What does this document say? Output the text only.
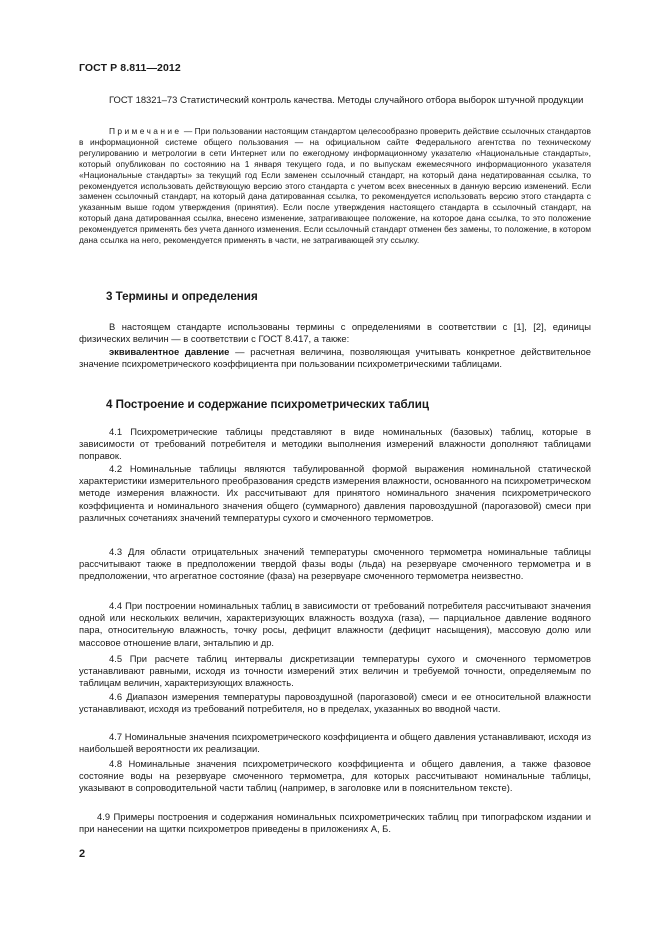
ГОСТ Р 8.811—2012
ГОСТ 18321–73 Статистический контроль качества. Методы случайного отбора выборок штучной продукции
Примечание — При пользовании настоящим стандартом целесообразно проверить действие ссылочных стандартов в информационной системе общего пользования — на официальном сайте Федерального агентства по техническому регулированию и метрологии в сети Интернет или по ежегодному информационному указателю «Национальные стандарты», который опубликован по состоянию на 1 января текущего года, и по выпускам ежемесячного информационного указателя «Национальные стандарты» за текущий год Если заменен ссылочный стандарт, на который дана недатированная ссылка, то рекомендуется использовать действующую версию этого стандарта с учетом всех внесенных в данную версию изменений. Если заменен ссылочный стандарт, на который дана датированная ссылка, то рекомендуется использовать версию этого стандарта с указанным выше годом утверждения (принятия). Если после утверждения настоящего стандарта в ссылочный стандарт, на который дана датированная ссылка, внесено изменение, затрагивающее положение, на которое дана ссылка, то это положение рекомендуется применять без учета данного изменения. Если ссылочный стандарт отменен без замены, то положение, в котором дана ссылка на него, рекомендуется применять в части, не затрагивающей эту ссылку.
3 Термины и определения
В настоящем стандарте использованы термины с определениями в соответствии с [1], [2], единицы физических величин — в соответствии с ГОСТ 8.417, а также:
эквивалентное давление — расчетная величина, позволяющая учитывать конкретное действительное значение психрометрического коэффициента при пользовании психрометрическими таблицами.
4 Построение и содержание психрометрических таблиц
4.1 Психрометрические таблицы представляют в виде номинальных (базовых) таблиц, которые в зависимости от требований потребителя и методики выполнения измерений влажности дополняют таблицами поправок.
4.2 Номинальные таблицы являются табулированной формой выражения номинальной статической характеристики измерительного преобразования средств измерения влажности, основанного на психрометрическом методе измерения влажности. Их рассчитывают для принятого номинального значения психрометрического коэффициента и номинального значения общего (суммарного) давления паровоздушной (парогазовой) смеси при различных сочетаниях значений температуры сухого и смоченного термометров.
4.3 Для области отрицательных значений температуры смоченного термометра номинальные таблицы рассчитывают также в предположении твердой фазы воды (льда) на резервуаре смоченного термометра и в предположении, что агрегатное состояние (фаза) на резервуаре смоченного термометра неизвестно.
4.4 При построении номинальных таблиц в зависимости от требований потребителя рассчитывают значения одной или нескольких величин, характеризующих влажность воздуха (газа), — парциальное давление водяного пара, относительную влажность, точку росы, дефицит влажности (дефицит насыщения), массовую долю или массовое отношение влаги, энтальпию и др.
4.5 При расчете таблиц интервалы дискретизации температуры сухого и смоченного термометров устанавливают равными, исходя из точности измерений этих величин и требуемой точности, определяемым по таблицам величин, характеризующих влажность.
4.6 Диапазон измерения температуры паровоздушной (парогазовой) смеси и ее относительной влажности устанавливают, исходя из требований потребителя, но в пределах, указанных во вводной части.
4.7 Номинальные значения психрометрического коэффициента и общего давления устанавливают, исходя из наибольшей вероятности их реализации.
4.8 Номинальные значения психрометрического коэффициента и общего давления, а также фазовое состояние воды на резервуаре смоченного термометра, для которых рассчитывают номинальные таблицы, указывают в сопроводительной части таблиц (например, в заголовке или в пояснительном тексте).
4.9 Примеры построения и содержания номинальных психрометрических таблиц при типографском издании и при нанесении на щитки психрометров приведены в приложениях А, Б.
2
